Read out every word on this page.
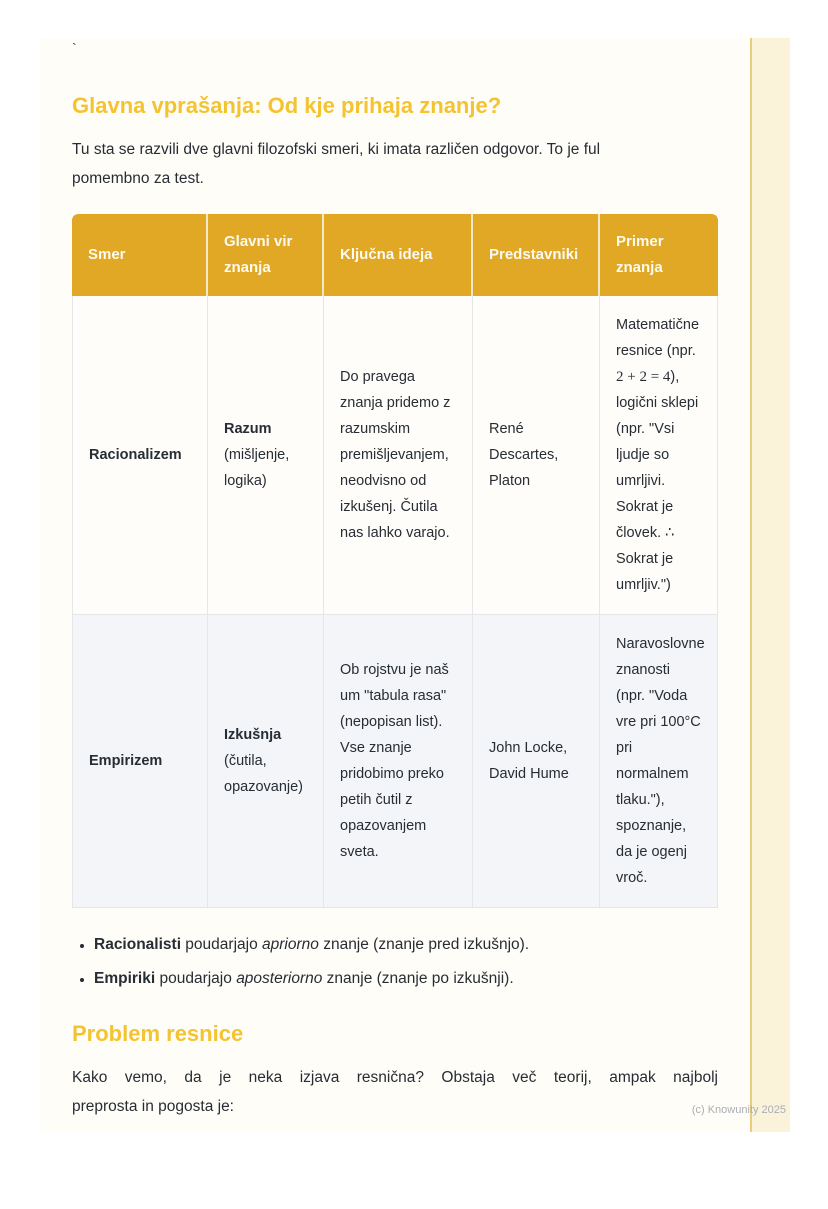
`
Glavna vprašanja: Od kje prihaja znanje?

Tu sta se razvili dve glavni filozofski smeri, ki imata različen odgovor. To je ful
pomembno za test.

Smer	Glavni vir znanja	Ključna ideja	Predstavniki	Primer znanja
Racionalizem	Razum (mišljenje, logika)	Do pravega znanja pridemo z razumskim premišljevanjem, neodvisno od izkušenj. Čutila nas lahko varajo.	René Descartes, Platon	Matematične resnice (npr. 2 + 2 = 4), logični sklepi (npr. "Vsi ljudje so umrljivi. Sokrat je človek. ∴ Sokrat je umrljiv.")
Empirizem	Izkušnja (čutila, opazovanje)	Ob rojstvu je naš um "tabula rasa" (nepopisan list). Vse znanje pridobimo preko petih čutil z opazovanjem sveta.	John Locke, David Hume	Naravoslovne znanosti (npr. "Voda vre pri 100°C pri normalnem tlaku."), spoznanje, da je ogenj vroč.
• Racionalisti poudarjajo apriorno znanje (znanje pred izkušnjo).
• Empiriki poudarjajo aposteriorno znanje (znanje po izkušnji).
Problem resnice

Kako vemo, da je neka izjava resnična? Obstaja več teorij, ampak najbolj
preprosta in pogosta je:	(c) Knowunity 2025
